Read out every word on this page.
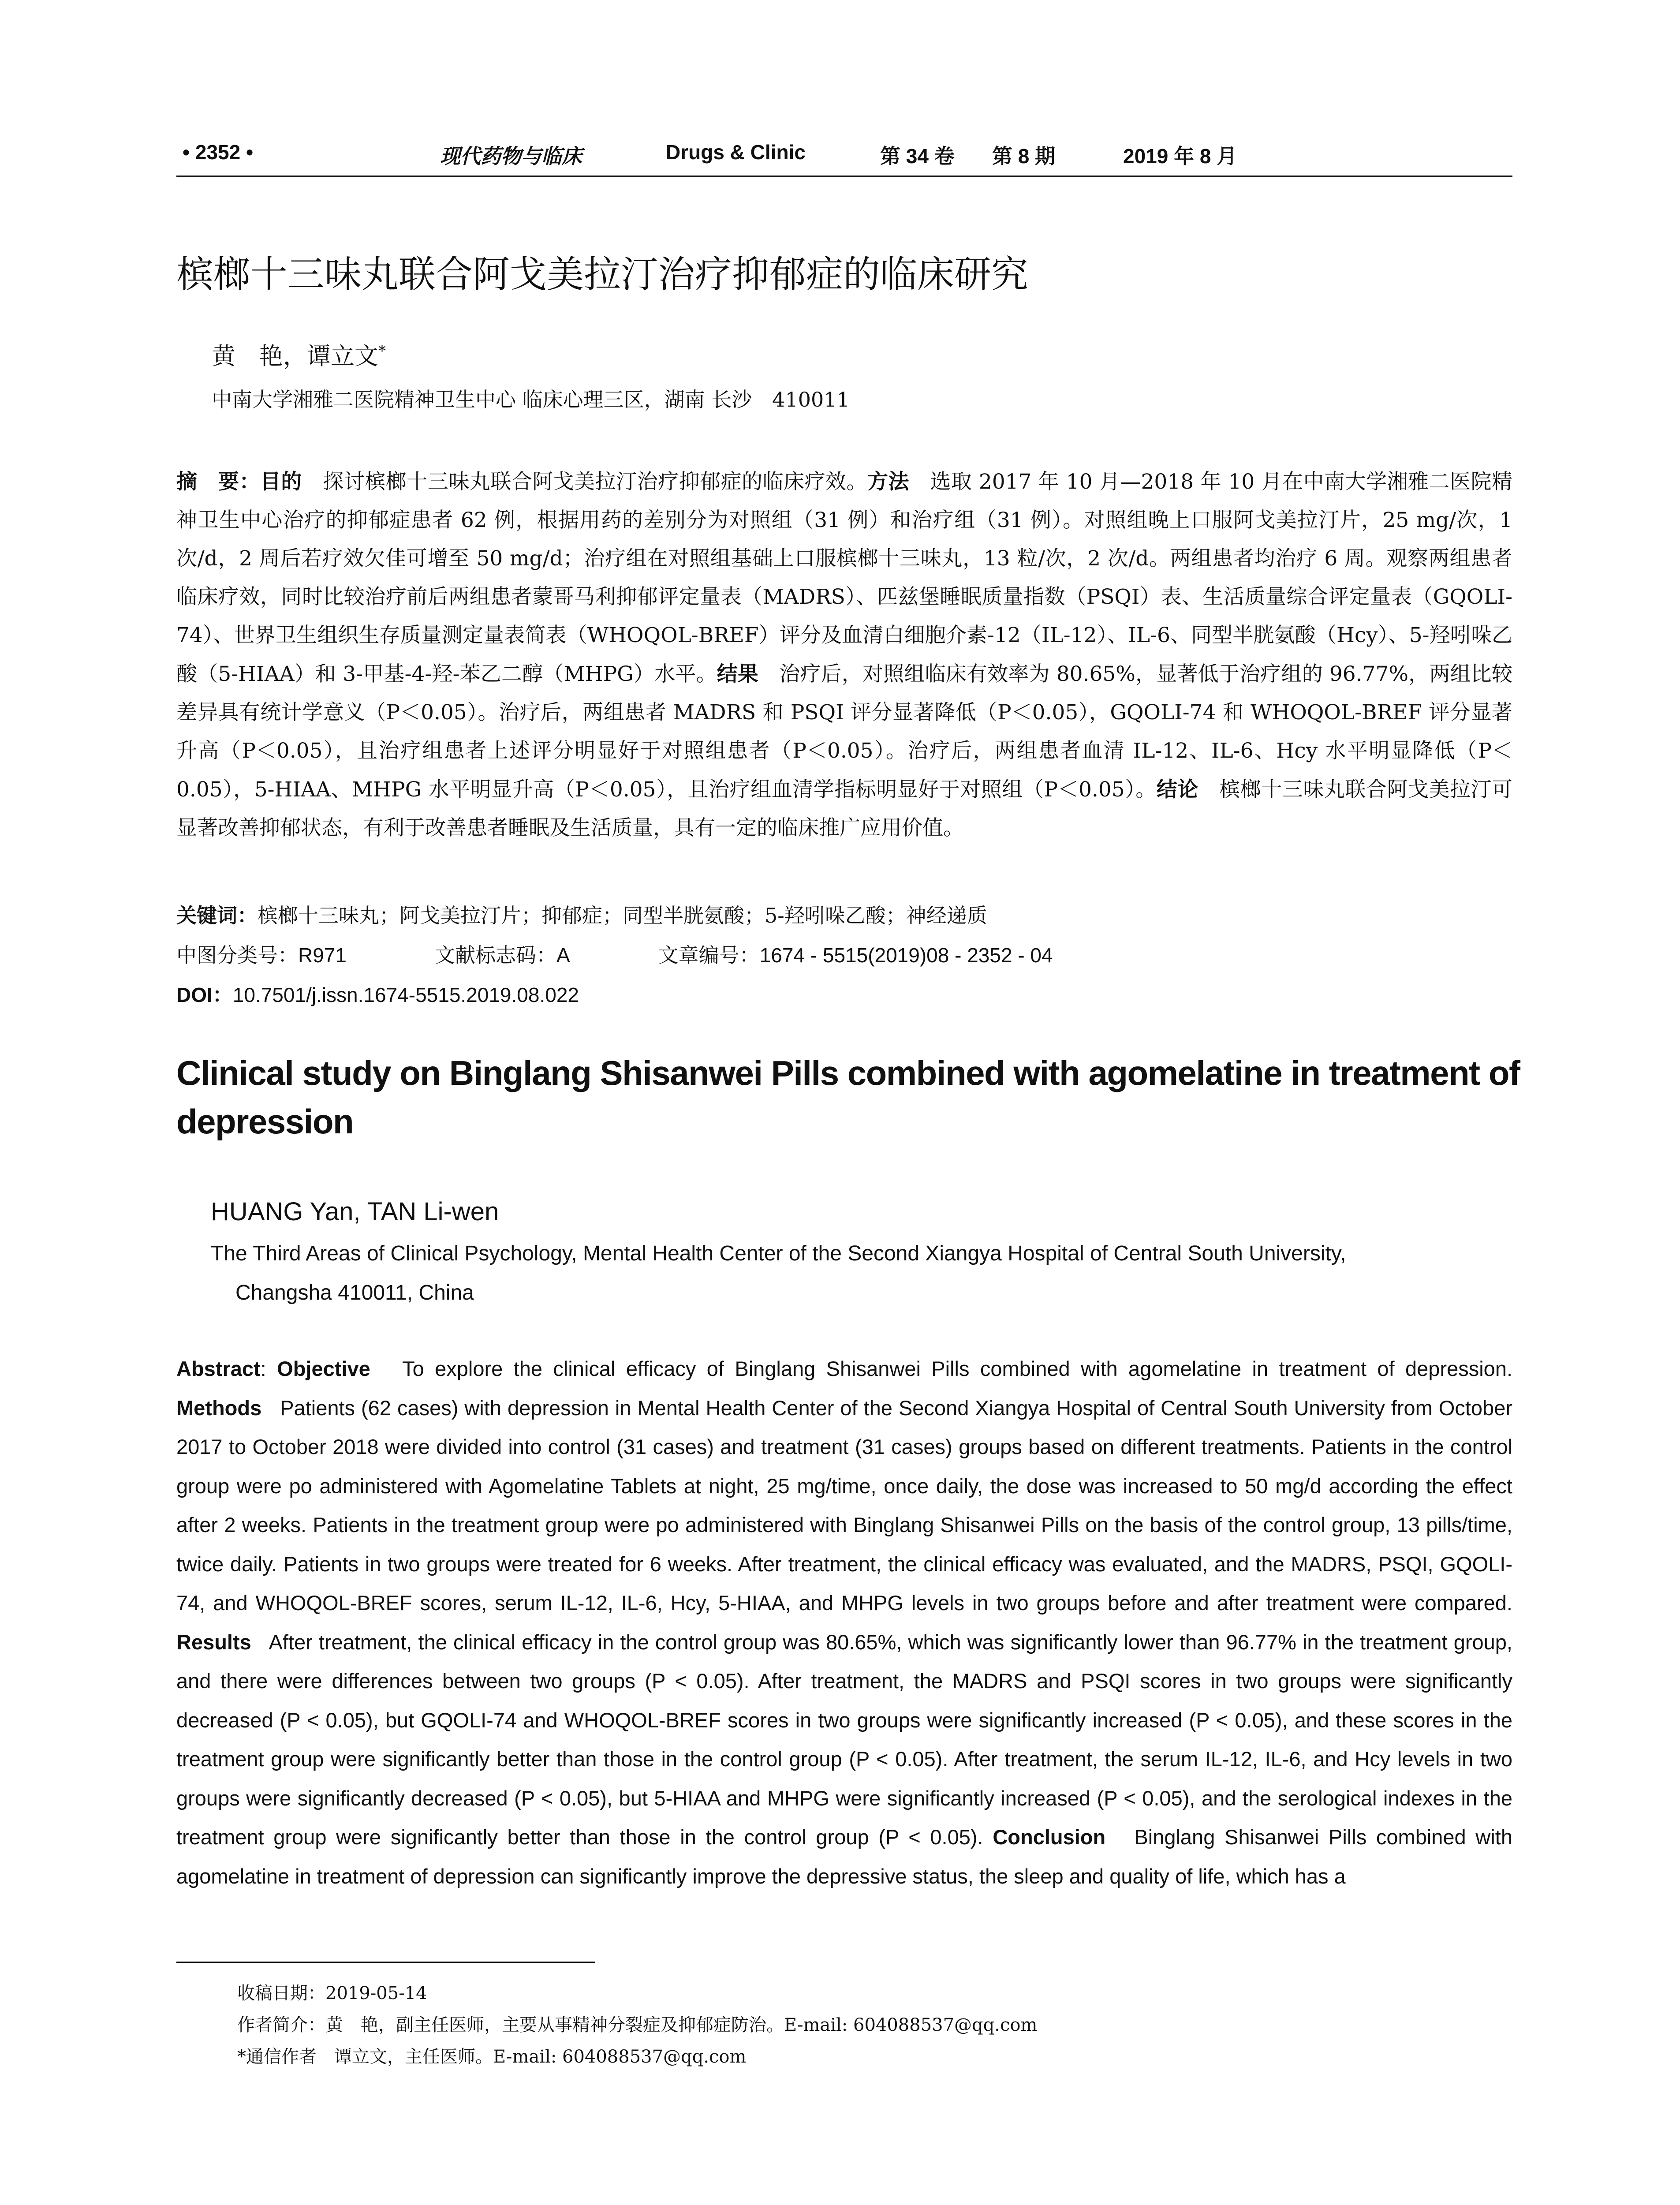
• 2352 •	现代药物与临床	Drugs & Clinic	第 34 卷 第 8 期	2019 年 8 月
槟榔十三味丸联合阿戈美拉汀治疗抑郁症的临床研究
黄　艳，谭立文*
中南大学湘雅二医院精神卫生中心 临床心理三区，湖南 长沙　410011
摘　要：目的　探讨槟榔十三味丸联合阿戈美拉汀治疗抑郁症的临床疗效。方法　选取 2017 年 10 月—2018 年 10 月在中南大学湘雅二医院精神卫生中心治疗的抑郁症患者 62 例，根据用药的差别分为对照组（31 例）和治疗组（31 例）。对照组晚上口服阿戈美拉汀片，25 mg/次，1 次/d，2 周后若疗效欠佳可增至 50 mg/d；治疗组在对照组基础上口服槟榔十三味丸，13 粒/次，2 次/d。两组患者均治疗 6 周。观察两组患者临床疗效，同时比较治疗前后两组患者蒙哥马利抑郁评定量表（MADRS）、匹兹堡睡眠质量指数（PSQI）表、生活质量综合评定量表（GQOLI-74）、世界卫生组织生存质量测定量表简表（WHOQOL-BREF）评分及血清白细胞介素-12（IL-12）、IL-6、同型半胱氨酸（Hcy）、5-羟吲哚乙酸（5-HIAA）和 3-甲基-4-羟-苯乙二醇（MHPG）水平。结果　治疗后，对照组临床有效率为 80.65%，显著低于治疗组的 96.77%，两组比较差异具有统计学意义（P＜0.05）。治疗后，两组患者 MADRS 和 PSQI 评分显著降低（P＜0.05），GQOLI-74 和 WHOQOL-BREF 评分显著升高（P＜0.05），且治疗组患者上述评分明显好于对照组患者（P＜0.05）。治疗后，两组患者血清 IL-12、IL-6、Hcy 水平明显降低（P＜0.05），5-HIAA、MHPG 水平明显升高（P＜0.05），且治疗组血清学指标明显好于对照组（P＜0.05）。结论　槟榔十三味丸联合阿戈美拉汀可显著改善抑郁状态，有利于改善患者睡眠及生活质量，具有一定的临床推广应用价值。
关键词：槟榔十三味丸；阿戈美拉汀片；抑郁症；同型半胱氨酸；5-羟吲哚乙酸；神经递质
中图分类号：R971	文献标志码：A	文章编号：1674 - 5515(2019)08 - 2352 - 04
DOI：10.7501/j.issn.1674-5515.2019.08.022
Clinical study on Binglang Shisanwei Pills combined with agomelatine in treatment of depression
HUANG Yan, TAN Li-wen
The Third Areas of Clinical Psychology, Mental Health Center of the Second Xiangya Hospital of Central South University,
Changsha 410011, China
Abstract: Objective To explore the clinical efficacy of Binglang Shisanwei Pills combined with agomelatine in treatment of depression. Methods Patients (62 cases) with depression in Mental Health Center of the Second Xiangya Hospital of Central South University from October 2017 to October 2018 were divided into control (31 cases) and treatment (31 cases) groups based on different treatments. Patients in the control group were po administered with Agomelatine Tablets at night, 25 mg/time, once daily, the dose was increased to 50 mg/d according the effect after 2 weeks. Patients in the treatment group were po administered with Binglang Shisanwei Pills on the basis of the control group, 13 pills/time, twice daily. Patients in two groups were treated for 6 weeks. After treatment, the clinical efficacy was evaluated, and the MADRS, PSQI, GQOLI-74, and WHOQOL-BREF scores, serum IL-12, IL-6, Hcy, 5-HIAA, and MHPG levels in two groups before and after treatment were compared. Results After treatment, the clinical efficacy in the control group was 80.65%, which was significantly lower than 96.77% in the treatment group, and there were differences between two groups (P < 0.05). After treatment, the MADRS and PSQI scores in two groups were significantly decreased (P < 0.05), but GQOLI-74 and WHOQOL-BREF scores in two groups were significantly increased (P < 0.05), and these scores in the treatment group were significantly better than those in the control group (P < 0.05). After treatment, the serum IL-12, IL-6, and Hcy levels in two groups were significantly decreased (P < 0.05), but 5-HIAA and MHPG were significantly increased (P < 0.05), and the serological indexes in the treatment group were significantly better than those in the control group (P < 0.05). Conclusion Binglang Shisanwei Pills combined with agomelatine in treatment of depression can significantly improve the depressive status, the sleep and quality of life, which has a
收稿日期：2019-05-14
作者简介：黄　艳，副主任医师，主要从事精神分裂症及抑郁症防治。E-mail: 604088537@qq.com
*通信作者　谭立文，主任医师。E-mail: 604088537@qq.com
